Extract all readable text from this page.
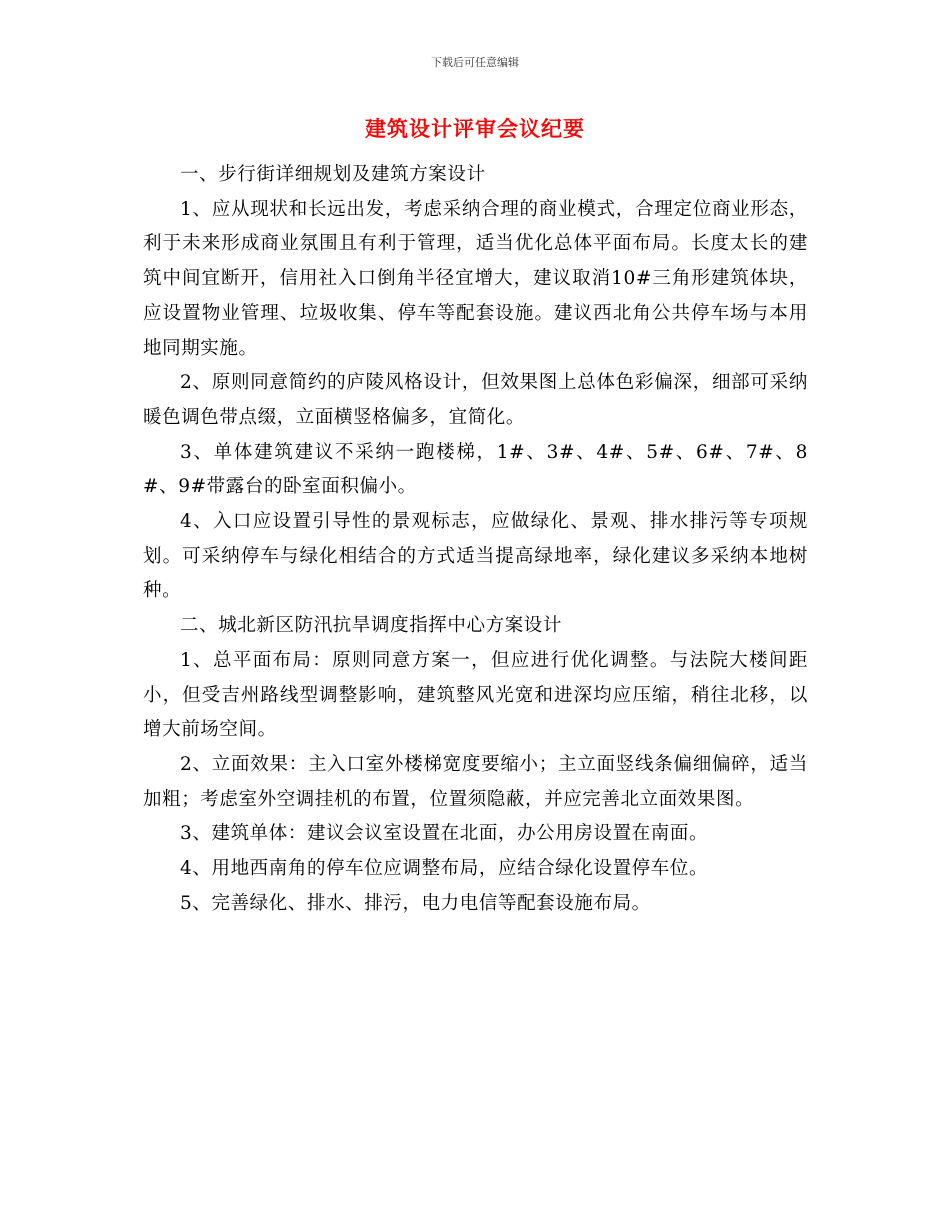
下载后可任意编辑
建筑设计评审会议纪要

一、步行街详细规划及建筑方案设计

1、应从现状和长远出发，考虑采纳合理的商业模式，合理定位商业形态，利于未来形成商业氛围且有利于管理，适当优化总体平面布局。长度太长的建筑中间宜断开，信用社入口倒角半径宜增大，建议取消10#三角形建筑体块，应设置物业管理、垃圾收集、停车等配套设施。建议西北角公共停车场与本用地同期实施。

2、原则同意简约的庐陵风格设计，但效果图上总体色彩偏深，细部可采纳暖色调色带点缀，立面横竖格偏多，宜简化。

3、单体建筑建议不采纳一跑楼梯，1#、3#、4#、5#、6#、7#、8#、9#带露台的卧室面积偏小。

4、入口应设置引导性的景观标志，应做绿化、景观、排水排污等专项规划。可采纳停车与绿化相结合的方式适当提高绿地率，绿化建议多采纳本地树种。

二、城北新区防汛抗旱调度指挥中心方案设计

1、总平面布局：原则同意方案一，但应进行优化调整。与法院大楼间距小，但受吉州路线型调整影响，建筑整风光宽和进深均应压缩，稍往北移，以增大前场空间。

2、立面效果：主入口室外楼梯宽度要缩小；主立面竖线条偏细偏碎，适当加粗；考虑室外空调挂机的布置，位置须隐蔽，并应完善北立面效果图。

3、建筑单体：建议会议室设置在北面，办公用房设置在南面。

4、用地西南角的停车位应调整布局，应结合绿化设置停车位。

5、完善绿化、排水、排污，电力电信等配套设施布局。
